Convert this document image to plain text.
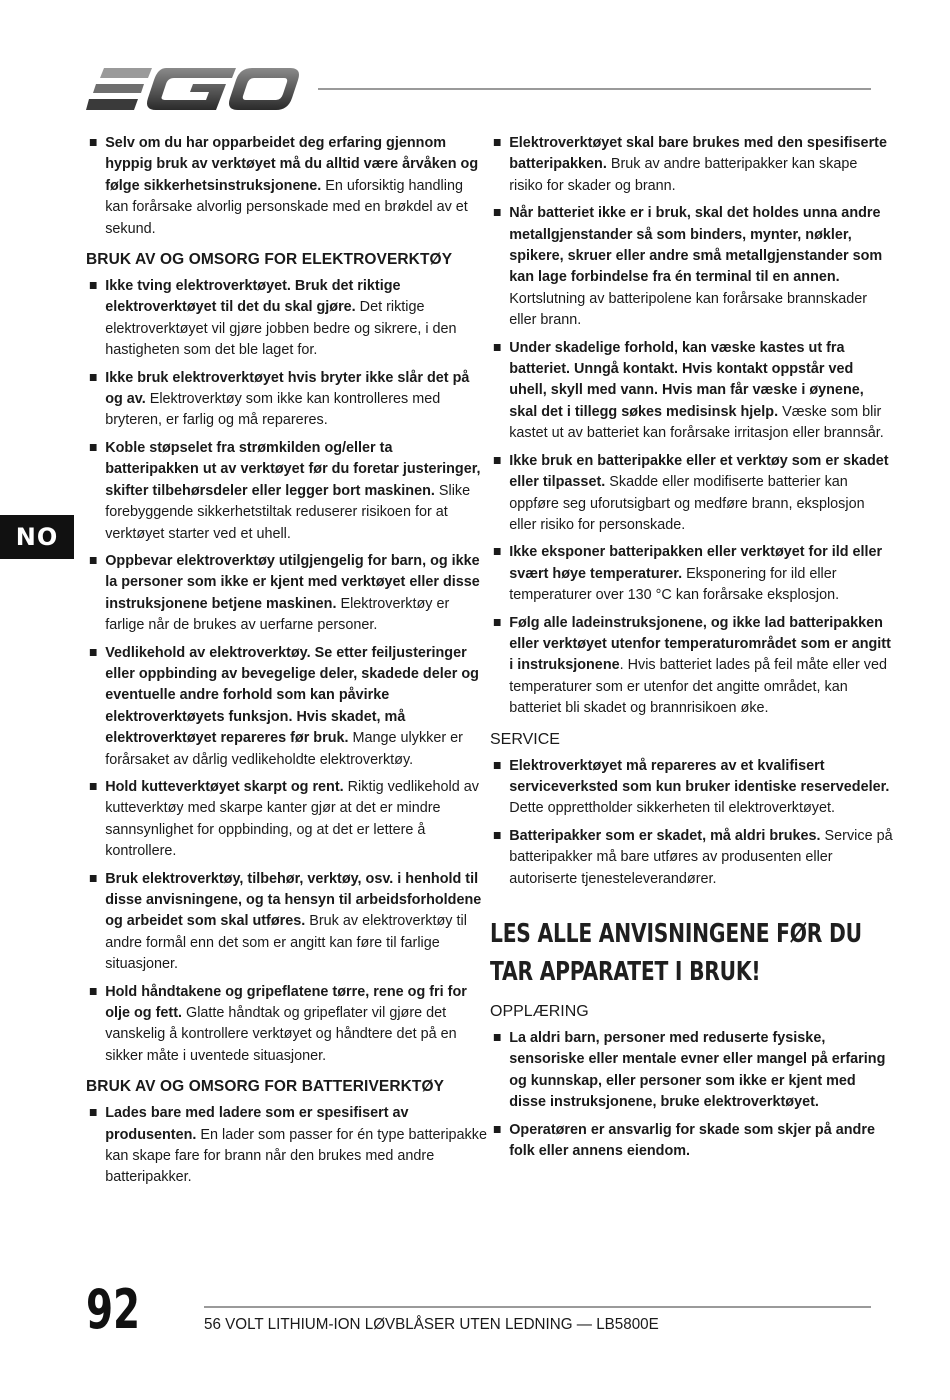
NO
Selv om du har opparbeidet deg erfaring gjennom hyppig bruk av verktøyet må du alltid være årvåken og følge sikkerhetsinstruksjonene. En uforsiktig handling kan forårsake alvorlig personskade med en brøkdel av et sekund.
BRUK AV OG OMSORG FOR ELEKTROVERKTØY
Ikke tving elektroverktøyet. Bruk det riktige elektroverktøyet til det du skal gjøre. Det riktige elektroverktøyet vil gjøre jobben bedre og sikrere, i den hastigheten som det ble laget for.
Ikke bruk elektroverktøyet hvis bryter ikke slår det på og av. Elektroverktøy som ikke kan kontrolleres med bryteren, er farlig og må repareres.
Koble støpselet fra strømkilden og/eller ta batteripakken ut av verktøyet før du foretar justeringer, skifter tilbehørsdeler eller legger bort maskinen. Slike forebyggende sikkerhetstiltak reduserer risikoen for at verktøyet starter ved et uhell.
Oppbevar elektroverktøy utilgjengelig for barn, og ikke la personer som ikke er kjent med verktøyet eller disse instruksjonene betjene maskinen. Elektroverktøy er farlige når de brukes av uerfarne personer.
Vedlikehold av elektroverktøy. Se etter feiljusteringer eller oppbinding av bevegelige deler, skadede deler og eventuelle andre forhold som kan påvirke elektroverktøyets funksjon. Hvis skadet, må elektroverktøyet repareres før bruk. Mange ulykker er forårsaket av dårlig vedlikeholdte elektroverktøy.
Hold kutteverktøyet skarpt og rent. Riktig vedlikehold av kutteverktøy med skarpe kanter gjør at det er mindre sannsynlighet for oppbinding, og at det er lettere å kontrollere.
Bruk elektroverktøy, tilbehør, verktøy, osv. i henhold til disse anvisningene, og ta hensyn til arbeidsforholdene og arbeidet som skal utføres. Bruk av elektroverktøy til andre formål enn det som er angitt kan føre til farlige situasjoner.
Hold håndtakene og gripeflatene tørre, rene og fri for olje og fett. Glatte håndtak og gripeflater vil gjøre det vanskelig å kontrollere verktøyet og håndtere det på en sikker måte i uventede situasjoner.
BRUK AV OG OMSORG FOR BATTERIVERKTØY
Lades bare med ladere som er spesifisert av produsenten. En lader som passer for én type batteripakke kan skape fare for brann når den brukes med andre batteripakker.
Elektroverktøyet skal bare brukes med den spesifiserte batteripakken. Bruk av andre batteripakker kan skape risiko for skader og brann.
Når batteriet ikke er i bruk, skal det holdes unna andre metallgjenstander så som binders, mynter, nøkler, spikere, skruer eller andre små metallgjenstander som kan lage forbindelse fra én terminal til en annen. Kortslutning av batteripolene kan forårsake brannskader eller brann.
Under skadelige forhold, kan væske kastes ut fra batteriet. Unngå kontakt. Hvis kontakt oppstår ved uhell, skyll med vann. Hvis man får væske i øynene, skal det i tillegg søkes medisinsk hjelp. Væske som blir kastet ut av batteriet kan forårsake irritasjon eller brannsår.
Ikke bruk en batteripakke eller et verktøy som er skadet eller tilpasset. Skadde eller modifiserte batterier kan oppføre seg uforutsigbart og medføre brann, eksplosjon eller risiko for personskade.
Ikke eksponer batteripakken eller verktøyet for ild eller svært høye temperaturer. Eksponering for ild eller temperaturer over 130 °C kan forårsake eksplosjon.
Følg alle ladeinstruksjonene, og ikke lad batteripakken eller verktøyet utenfor temperaturområdet som er angitt i instruksjonene. Hvis batteriet lades på feil måte eller ved temperaturer som er utenfor det angitte området, kan batteriet bli skadet og brannrisikoen øke.
SERVICE
Elektroverktøyet må repareres av et kvalifisert serviceverksted som kun bruker identiske reservedeler. Dette opprettholder sikkerheten til elektroverktøyet.
Batteripakker som er skadet, må aldri brukes. Service på batteripakker må bare utføres av produsenten eller autoriserte tjenesteleverandører.
LES ALLE ANVISNINGENE FØR DU TAR APPARATET I BRUK!
OPPLÆRING
La aldri barn, personer med reduserte fysiske, sensoriske eller mentale evner eller mangel på erfaring og kunnskap, eller personer som ikke er kjent med disse instruksjonene, bruke elektroverktøyet.
Operatøren er ansvarlig for skade som skjer på andre folk eller annens eiendom.
92	56 VOLT LITHIUM-ION LØVBLÅSER UTEN LEDNING — LB5800E
